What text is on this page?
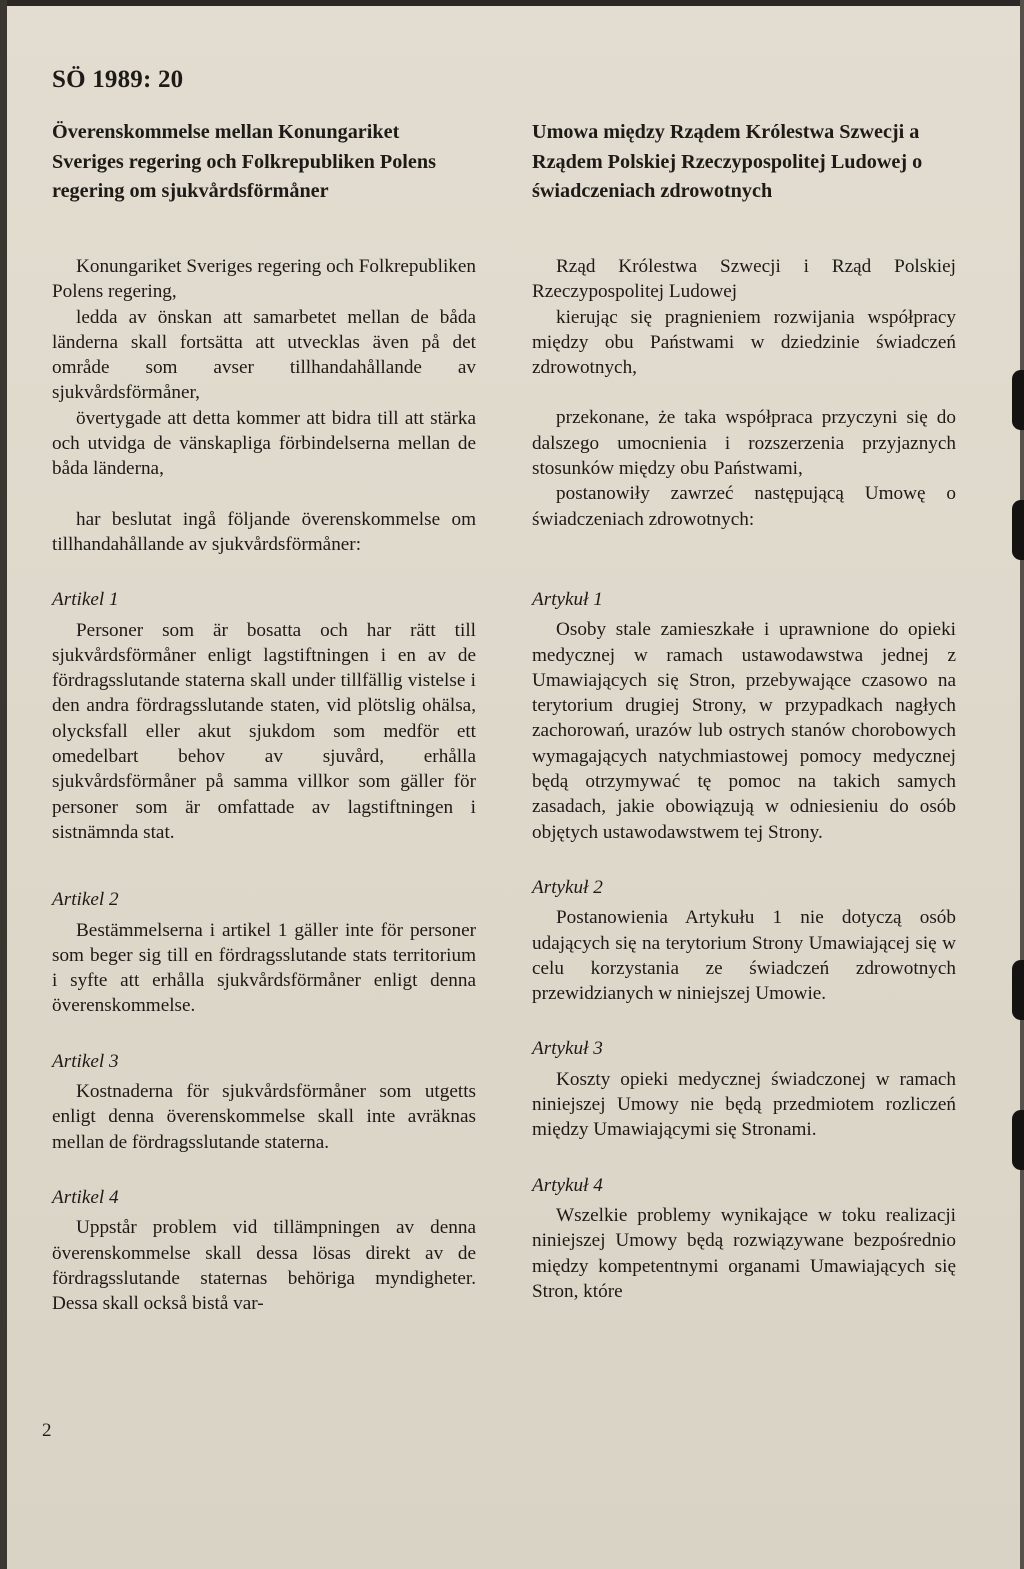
SÖ 1989: 20
Överenskommelse mellan Konungariket Sveriges regering och Folkrepubliken Polens regering om sjukvårdsförmåner

Konungariket Sveriges regering och Folkrepubliken Polens regering,

ledda av önskan att samarbetet mellan de båda länderna skall fortsätta att utvecklas även på det område som avser tillhandahållande av sjukvårdsförmåner,

övertygade att detta kommer att bidra till att stärka och utvidga de vänskapliga förbindelserna mellan de båda länderna,

har beslutat ingå följande överenskommelse om tillhandahållande av sjukvårdsförmåner:

Artikel 1

Personer som är bosatta och har rätt till sjukvårdsförmåner enligt lagstiftningen i en av de fördragsslutande staterna skall under tillfällig vistelse i den andra fördragsslutande staten, vid plötslig ohälsa, olycksfall eller akut sjukdom som medför ett omedelbart behov av sjuvård, erhålla sjukvårdsförmåner på samma villkor som gäller för personer som är omfattade av lagstiftningen i sistnämnda stat.

Artikel 2

Bestämmelserna i artikel 1 gäller inte för personer som beger sig till en fördragsslutande stats territorium i syfte att erhålla sjukvårdsförmåner enligt denna överenskommelse.

Artikel 3

Kostnaderna för sjukvårdsförmåner som utgetts enligt denna överenskommelse skall inte avräknas mellan de fördragsslutande staterna.

Artikel 4

Uppstår problem vid tillämpningen av denna överenskommelse skall dessa lösas direkt av de fördragsslutande staternas behöriga myndigheter. Dessa skall också bistå var-

Umowa między Rządem Królestwa Szwecji a Rządem Polskiej Rzeczypospolitej Ludowej o świadczeniach zdrowotnych

Rząd Królestwa Szwecji i Rząd Polskiej Rzeczypospolitej Ludowej

kierując się pragnieniem rozwijania współpracy między obu Państwami w dziedzinie świadczeń zdrowotnych,

przekonane, że taka współpraca przyczyni się do dalszego umocnienia i rozszerzenia przyjaznych stosunków między obu Państwami,

postanowiły zawrzeć następującą Umowę o świadczeniach zdrowotnych:

Artykuł 1

Osoby stale zamieszkałe i uprawnione do opieki medycznej w ramach ustawodawstwa jednej z Umawiających się Stron, przebywające czasowo na terytorium drugiej Strony, w przypadkach nagłych zachorowań, urazów lub ostrych stanów chorobowych wymagających natychmiastowej pomocy medycznej będą otrzymywać tę pomoc na takich samych zasadach, jakie obowiązują w odniesieniu do osób objętych ustawodawstwem tej Strony.

Artykuł 2

Postanowienia Artykułu 1 nie dotyczą osób udających się na terytorium Strony Umawiającej się w celu korzystania ze świadczeń zdrowotnych przewidzianych w niniejszej Umowie.

Artykuł 3

Koszty opieki medycznej świadczonej w ramach niniejszej Umowy nie będą przedmiotem rozliczeń między Umawiającymi się Stronami.

Artykuł 4

Wszelkie problemy wynikające w toku realizacji niniejszej Umowy będą rozwiązywane bezpośrednio między kompetentnymi organami Umawiających się Stron, które

2
